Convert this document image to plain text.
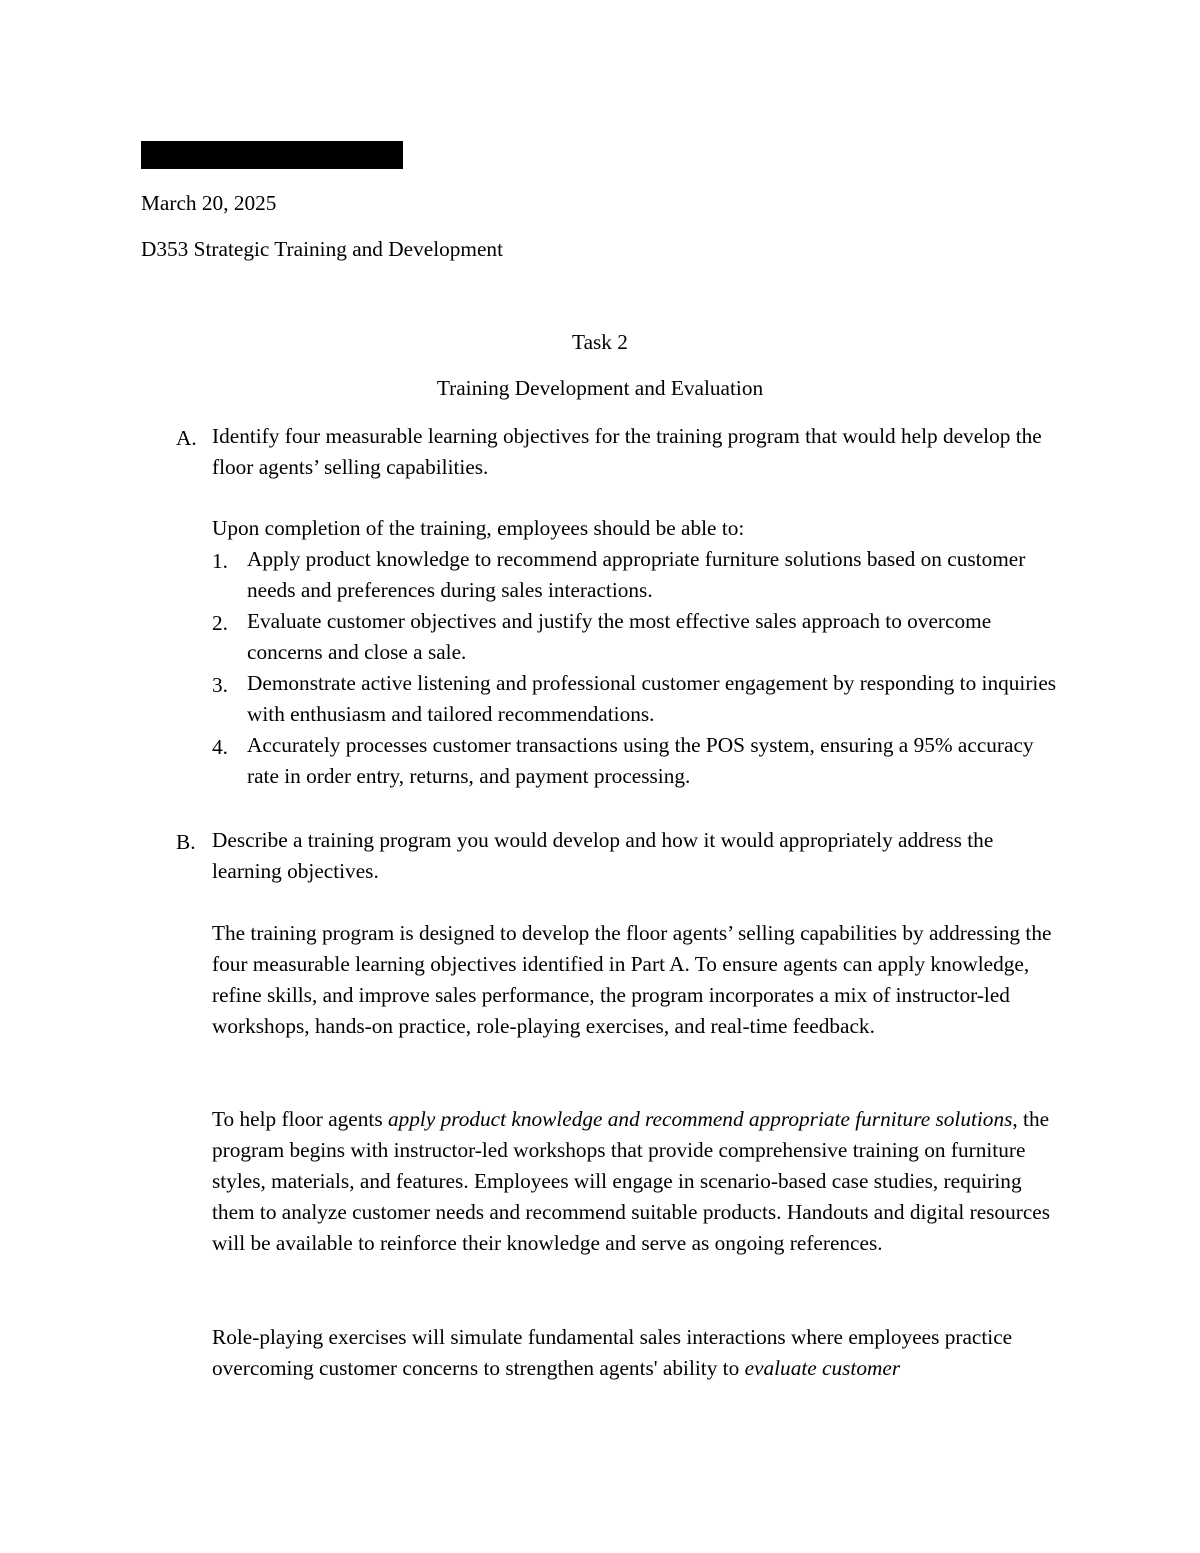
March 20, 2025
D353 Strategic Training and Development
Task 2
Training Development and Evaluation
A. Identify four measurable learning objectives for the training program that would help develop the floor agents’ selling capabilities.
Upon completion of the training, employees should be able to:
1. Apply product knowledge to recommend appropriate furniture solutions based on customer needs and preferences during sales interactions.
2. Evaluate customer objectives and justify the most effective sales approach to overcome concerns and close a sale.
3. Demonstrate active listening and professional customer engagement by responding to inquiries with enthusiasm and tailored recommendations.
4. Accurately processes customer transactions using the POS system, ensuring a 95% accuracy rate in order entry, returns, and payment processing.
B. Describe a training program you would develop and how it would appropriately address the learning objectives.
The training program is designed to develop the floor agents’ selling capabilities by addressing the four measurable learning objectives identified in Part A. To ensure agents can apply knowledge, refine skills, and improve sales performance, the program incorporates a mix of instructor-led workshops, hands-on practice, role-playing exercises, and real-time feedback.
To help floor agents apply product knowledge and recommend appropriate furniture solutions, the program begins with instructor-led workshops that provide comprehensive training on furniture styles, materials, and features. Employees will engage in scenario-based case studies, requiring them to analyze customer needs and recommend suitable products. Handouts and digital resources will be available to reinforce their knowledge and serve as ongoing references.
Role-playing exercises will simulate fundamental sales interactions where employees practice overcoming customer concerns to strengthen agents' ability to evaluate customer
